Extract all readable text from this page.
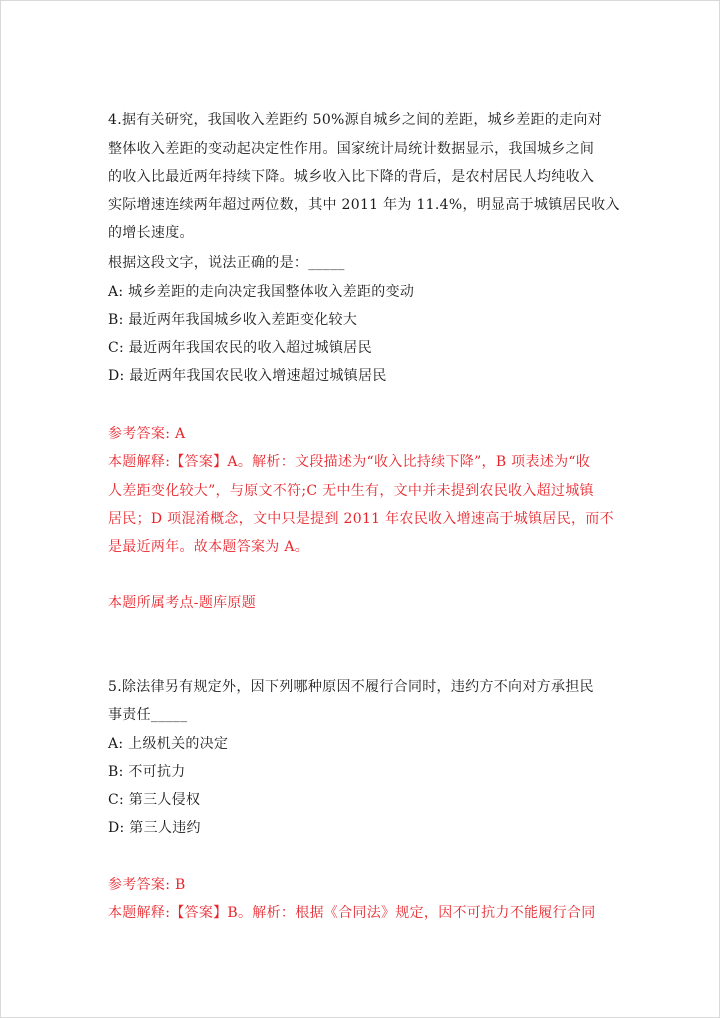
4.据有关研究，我国收入差距约 50%源自城乡之间的差距，城乡差距的走向对
整体收入差距的变动起决定性作用。国家统计局统计数据显示，我国城乡之间
的收入比最近两年持续下降。城乡收入比下降的背后，是农村居民人均纯收入
实际增速连续两年超过两位数，其中 2011 年为 11.4%，明显高于城镇居民收入
的增长速度。
根据这段文字，说法正确的是：_____
A: 城乡差距的走向决定我国整体收入差距的变动
B: 最近两年我国城乡收入差距变化较大
C: 最近两年我国农民的收入超过城镇居民
D: 最近两年我国农民收入增速超过城镇居民
参考答案: A
本题解释:【答案】A。解析：文段描述为“收入比持续下降”，B 项表述为“收
人差距变化较大”，与原文不符;C 无中生有，文中并未提到农民收入超过城镇
居民；D 项混淆概念，文中只是提到 2011 年农民收入增速高于城镇居民，而不
是最近两年。故本题答案为 A。
本题所属考点-题库原题
5.除法律另有规定外，因下列哪种原因不履行合同时，违约方不向对方承担民
事责任_____
A: 上级机关的决定
B: 不可抗力
C: 第三人侵权
D: 第三人违约
参考答案: B
本题解释:【答案】B。解析：根据《合同法》规定，因不可抗力不能履行合同
